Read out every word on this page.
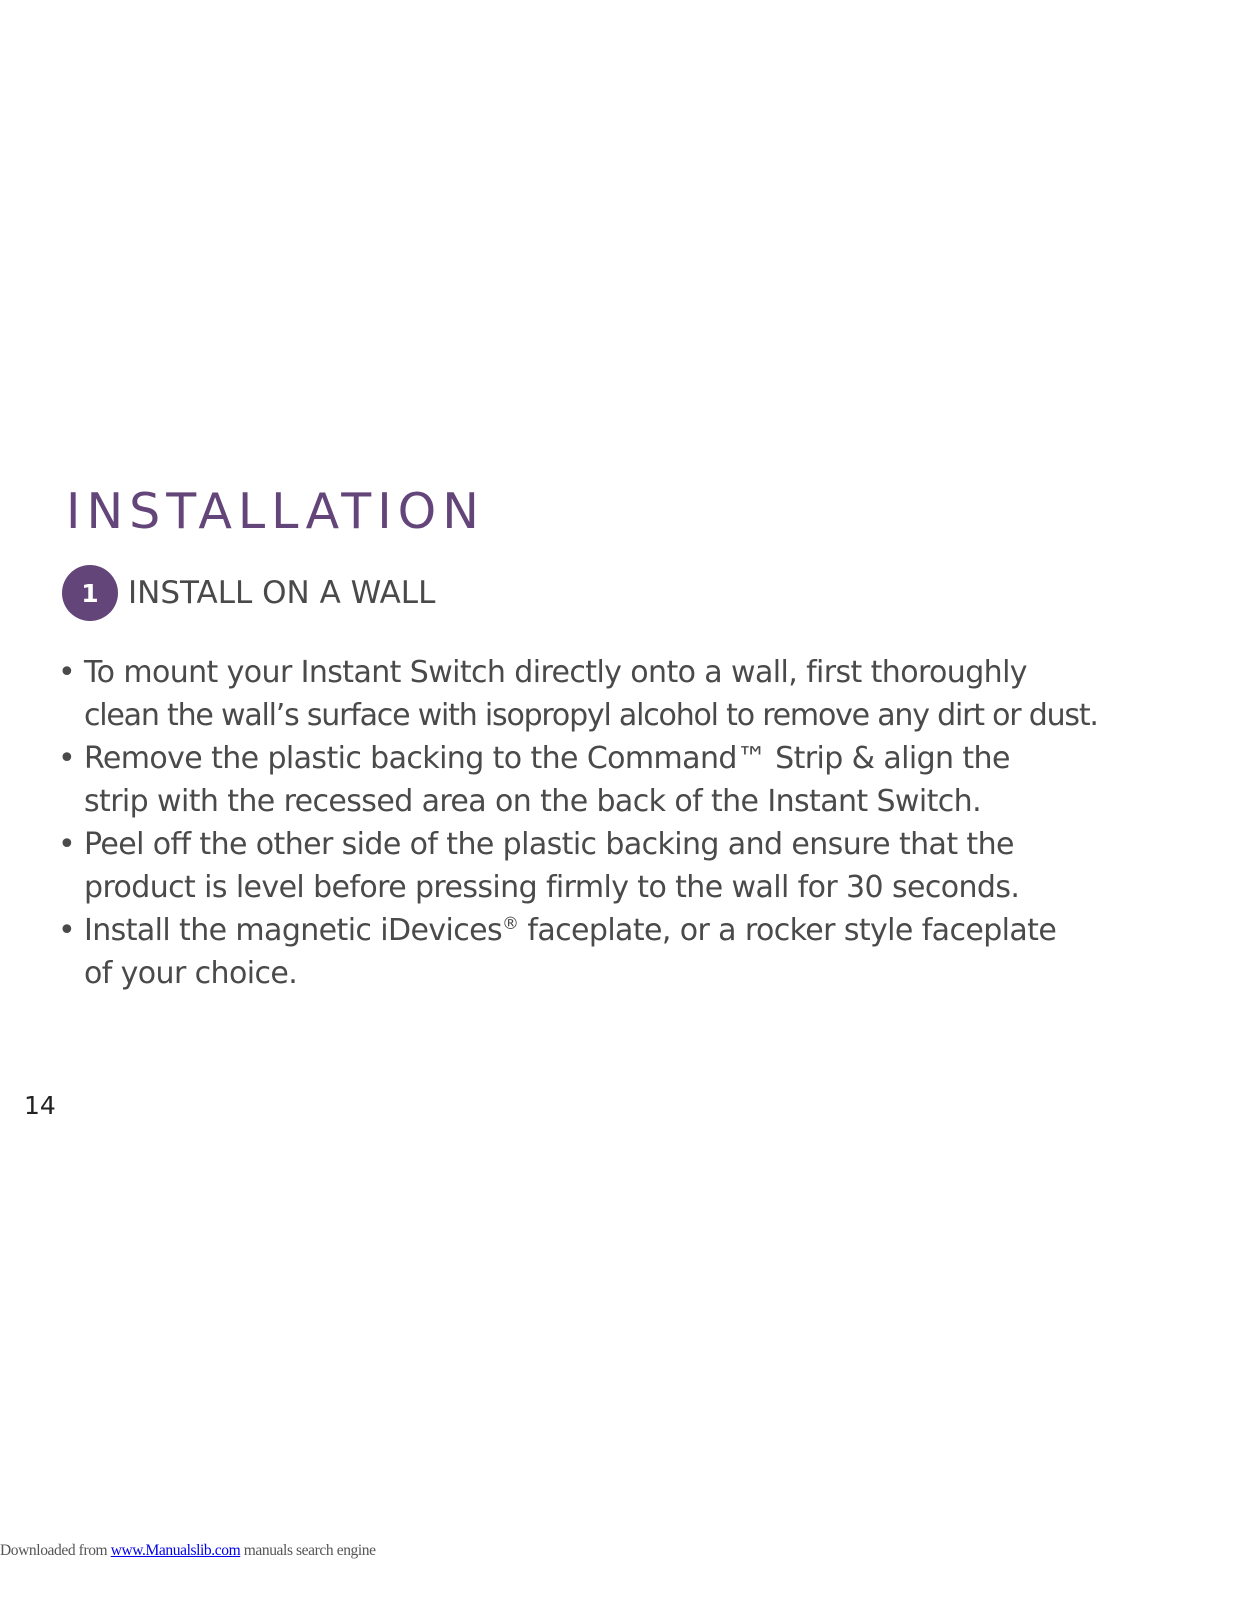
INSTALLATION
1 INSTALL ON A WALL
• To mount your Instant Switch directly onto a wall, first thoroughly
clean the wall’s surface with isopropyl alcohol to remove any dirt or dust.
• Remove the plastic backing to the Command™ Strip & align the
strip with the recessed area on the back of the Instant Switch.
• Peel off the other side of the plastic backing and ensure that the
product is level before pressing firmly to the wall for 30 seconds.
• Install the magnetic iDevices® faceplate, or a rocker style faceplate
of your choice.
14
Downloaded from www.Manualslib.com manuals search engine
